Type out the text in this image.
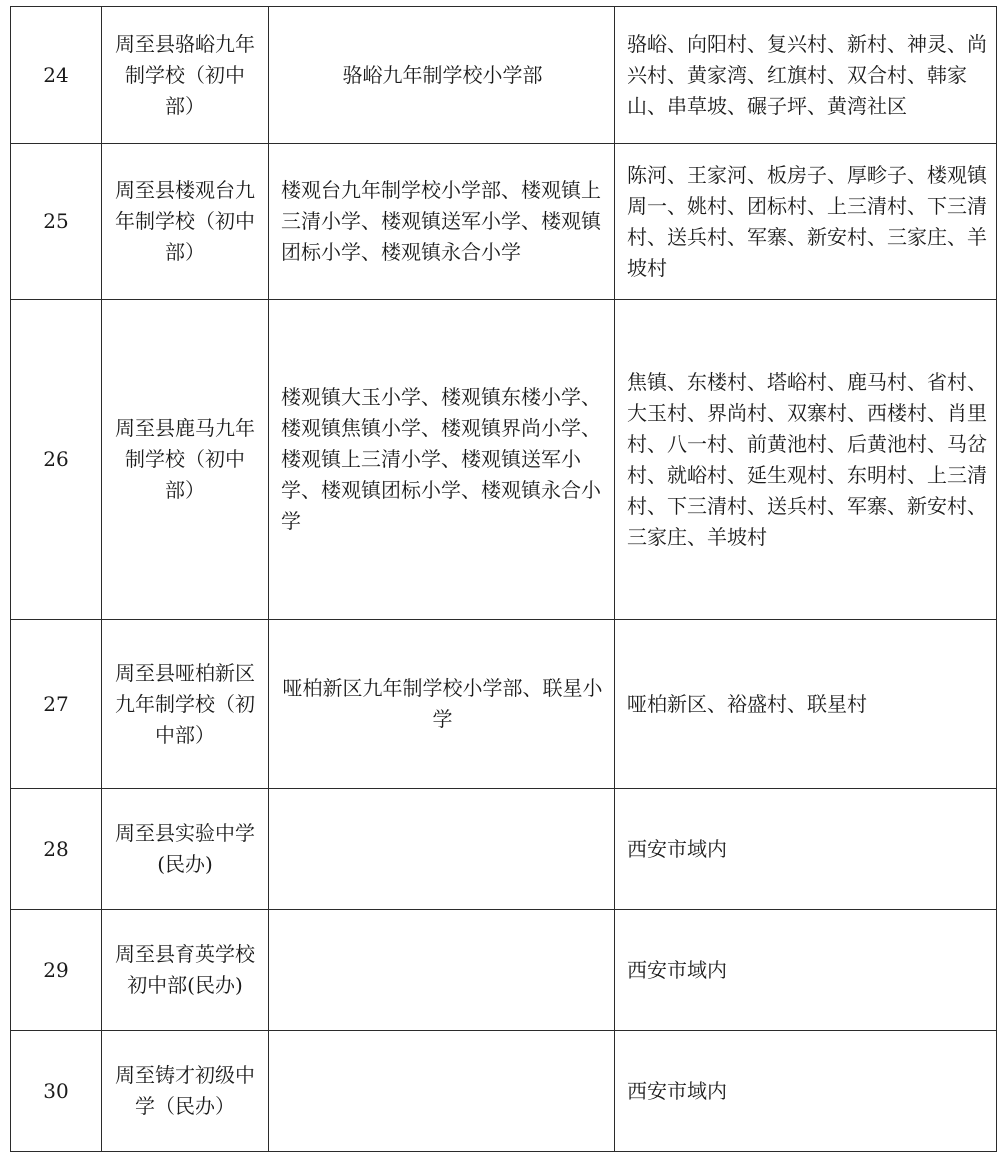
24	周至县骆峪九年制学校（初中部）	骆峪九年制学校小学部	骆峪、向阳村、复兴村、新村、神灵、尚兴村、黄家湾、红旗村、双合村、韩家山、串草坡、碾子坪、黄湾社区
25	周至县楼观台九年制学校（初中部）	楼观台九年制学校小学部、楼观镇上三清小学、楼观镇送军小学、楼观镇团标小学、楼观镇永合小学	陈河、王家河、板房子、厚畛子、楼观镇周一、姚村、团标村、上三清村、下三清村、送兵村、军寨、新安村、三家庄、羊坡村
26	周至县鹿马九年制学校（初中部）	楼观镇大玉小学、楼观镇东楼小学、楼观镇焦镇小学、楼观镇界尚小学、楼观镇上三清小学、楼观镇送军小学、楼观镇团标小学、楼观镇永合小学	焦镇、东楼村、塔峪村、鹿马村、省村、大玉村、界尚村、双寨村、西楼村、肖里村、八一村、前黄池村、后黄池村、马岔村、就峪村、延生观村、东明村、上三清村、下三清村、送兵村、军寨、新安村、三家庄、羊坡村
27	周至县哑柏新区九年制学校（初中部）	哑柏新区九年制学校小学部、联星小学	哑柏新区、裕盛村、联星村
28	周至县实验中学(民办)		西安市域内
29	周至县育英学校初中部(民办)		西安市域内
30	周至铸才初级中学（民办）		西安市域内
